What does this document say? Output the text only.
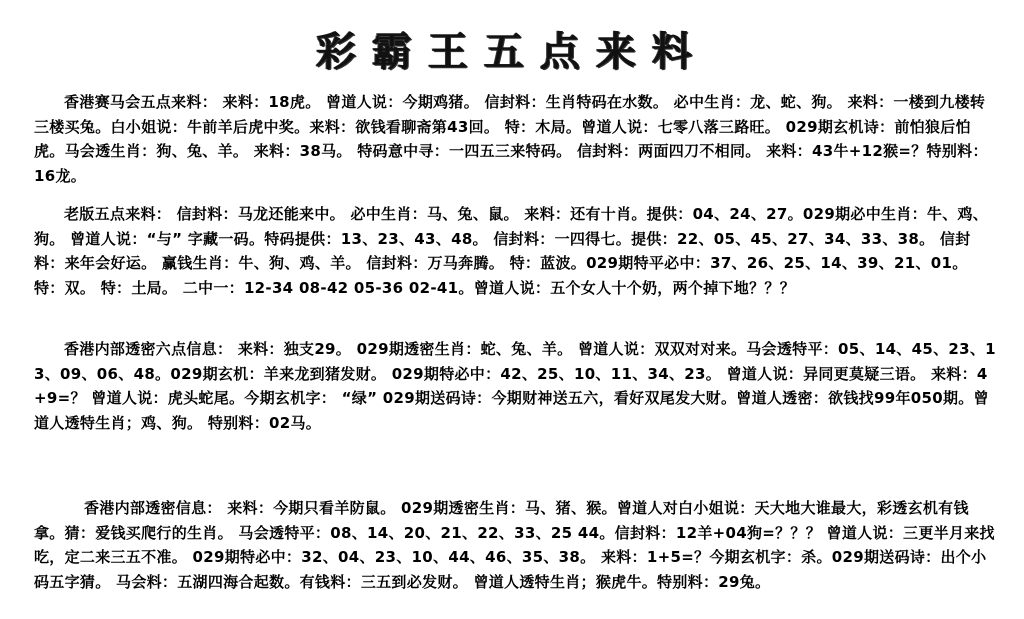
彩霸王五点来料
香港赛马会五点来料： 来料：18虎。 曾道人说：今期鸡猪。 信封料：生肖特码在水数。 必中生肖：龙、蛇、狗。 来料：一楼到九楼转三楼买兔。白小姐说：牛前羊后虎中奖。来料：欲钱看聊斋第43回。 特：木局。曾道人说：七零八落三路旺。 029期玄机诗：前怕狼后怕虎。马会透生肖：狗、兔、羊。 来料：38马。 特码意中寻：一四五三来特码。 信封料：两面四刀不相同。 来料：43牛+12猴=？特别料：16龙。
老版五点来料： 信封料：马龙还能来中。 必中生肖：马、兔、鼠。 来料：还有十肖。提供：04、24、27。029期必中生肖：牛、鸡、狗。 曾道人说：“与” 字藏一码。特码提供：13、23、43、48。 信封料：一四得七。提供：22、05、45、27、34、33、38。 信封料：来年会好运。 赢钱生肖：牛、狗、鸡、羊。 信封料：万马奔腾。 特：蓝波。029期特平必中：37、26、25、14、39、21、01。 特：双。 特：土局。 二中一：12-34 08-42 05-36 02-41。曾道人说：五个女人十个奶，两个掉下地？？？
香港内部透密六点信息： 来料：独支29。 029期透密生肖：蛇、兔、羊。 曾道人说：双双对对来。马会透特平：05、14、45、23、13、09、06、48。029期玄机：羊来龙到猪发财。 029期特必中：42、25、10、11、34、23。 曾道人说：异同更莫疑三语。 来料：4+9=？ 曾道人说：虎头蛇尾。今期玄机字： “绿” 029期送码诗：今期财神送五六，看好双尾发大财。曾道人透密：欲钱找99年050期。曾道人透特生肖；鸡、狗。 特别料：02马。
香港内部透密信息： 来料：今期只看羊防鼠。 029期透密生肖：马、猪、猴。曾道人对白小姐说：天大地大谁最大，彩透玄机有钱拿。猜：爱钱买爬行的生肖。 马会透特平：08、14、20、21、22、33、25 44。信封料：12羊+04狗=？？？ 曾道人说：三更半月来找吃，定二来三五不准。 029期特必中：32、04、23、10、44、46、35、38。 来料：1+5=？今期玄机字：杀。029期送码诗：出个小码五字猜。 马会料：五湖四海合起数。有钱料：三五到必发财。 曾道人透特生肖；猴虎牛。特别料：29兔。
